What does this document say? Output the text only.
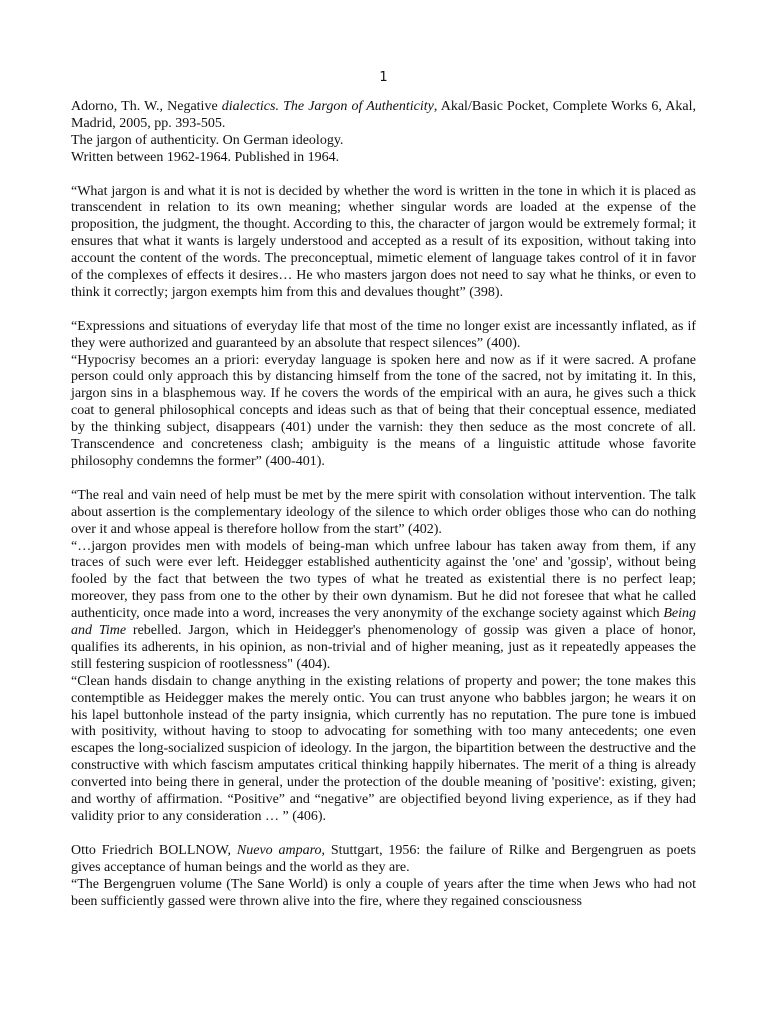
1

Adorno, Th. W., Negative dialectics. The Jargon of Authenticity, Akal/Basic Pocket, Complete Works 6, Akal, Madrid, 2005, pp. 393-505.

The jargon of authenticity. On German ideology.

Written between 1962-1964. Published in 1964.

“What jargon is and what it is not is decided by whether the word is written in the tone in which it is placed as transcendent in relation to its own meaning; whether singular words are loaded at the expense of the proposition, the judgment, the thought. According to this, the character of jargon would be extremely formal; it ensures that what it wants is largely understood and accepted as a result of its exposition, without taking into account the content of the words. The preconceptual, mimetic element of language takes control of it in favor of the complexes of effects it desires… He who masters jargon does not need to say what he thinks, or even to think it correctly; jargon exempts him from this and devalues thought” (398).

“Expressions and situations of everyday life that most of the time no longer exist are incessantly inflated, as if they were authorized and guaranteed by an absolute that respect silences” (400).

“Hypocrisy becomes an a priori: everyday language is spoken here and now as if it were sacred. A profane person could only approach this by distancing himself from the tone of the sacred, not by imitating it. In this, jargon sins in a blasphemous way. If he covers the words of the empirical with an aura, he gives such a thick coat to general philosophical concepts and ideas such as that of being that their conceptual essence, mediated by the thinking subject, disappears (401) under the varnish: they then seduce as the most concrete of all. Transcendence and concreteness clash; ambiguity is the means of a linguistic attitude whose favorite philosophy condemns the former” (400-401).

“The real and vain need of help must be met by the mere spirit with consolation without intervention. The talk about assertion is the complementary ideology of the silence to which order obliges those who can do nothing over it and whose appeal is therefore hollow from the start” (402).

“…jargon provides men with models of being-man which unfree labour has taken away from them, if any traces of such were ever left. Heidegger established authenticity against the 'one' and 'gossip', without being fooled by the fact that between the two types of what he treated as existential there is no perfect leap; moreover, they pass from one to the other by their own dynamism. But he did not foresee that what he called authenticity, once made into a word, increases the very anonymity of the exchange society against which Being and Time rebelled. Jargon, which in Heidegger's phenomenology of gossip was given a place of honor, qualifies its adherents, in his opinion, as non-trivial and of higher meaning, just as it repeatedly appeases the still festering suspicion of rootlessness" (404).

“Clean hands disdain to change anything in the existing relations of property and power; the tone makes this contemptible as Heidegger makes the merely ontic. You can trust anyone who babbles jargon; he wears it on his lapel buttonhole instead of the party insignia, which currently has no reputation. The pure tone is imbued with positivity, without having to stoop to advocating for something with too many antecedents; one even escapes the long-socialized suspicion of ideology. In the jargon, the bipartition between the destructive and the constructive with which fascism amputates critical thinking happily hibernates. The merit of a thing is already converted into being there in general, under the protection of the double meaning of 'positive': existing, given; and worthy of affirmation. “Positive” and “negative” are objectified beyond living experience, as if they had validity prior to any consideration … ” (406).

Otto Friedrich BOLLNOW, Nuevo amparo, Stuttgart, 1956: the failure of Rilke and Bergengruen as poets gives acceptance of human beings and the world as they are.

“The Bergengruen volume (The Sane World) is only a couple of years after the time when Jews who had not been sufficiently gassed were thrown alive into the fire, where they regained consciousness
